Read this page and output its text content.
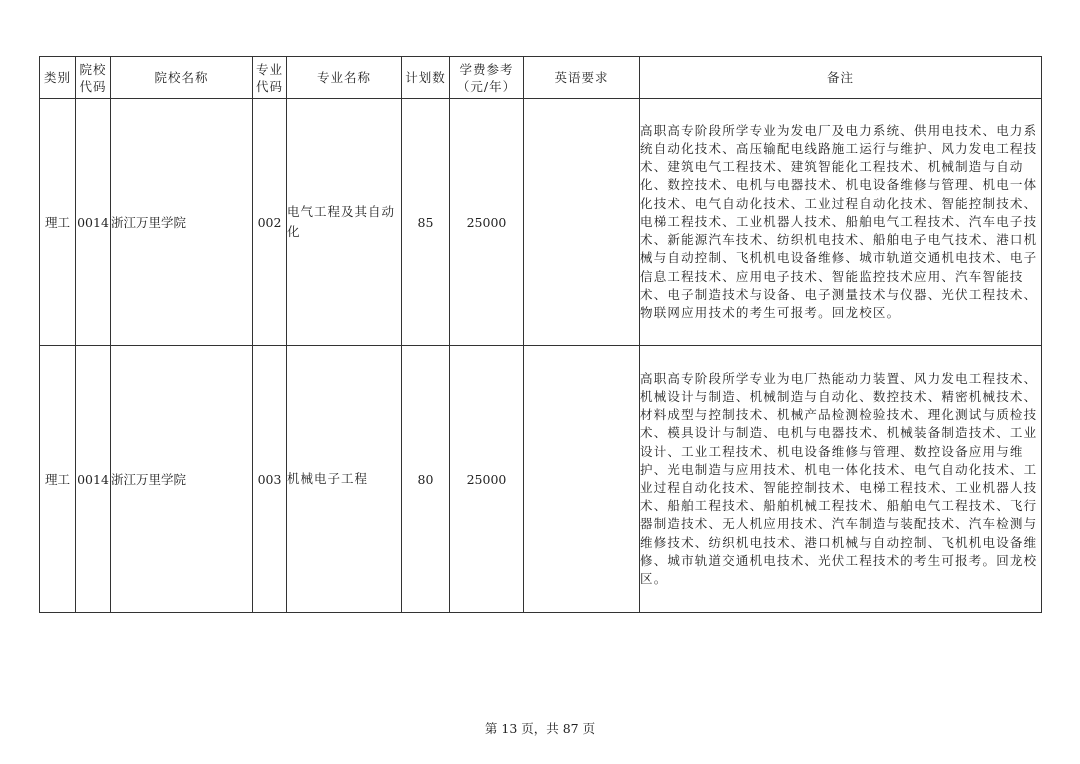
类别	院校代码	院校名称	专业代码	专业名称	计划数	学费参考（元/年）	英语要求	备注
理工	0014	浙江万里学院	002	电气工程及其自动化	85	25000		高职高专阶段所学专业为发电厂及电力系统、供用电技术、电力系统自动化技术、高压输配电线路施工运行与维护、风力发电工程技术、建筑电气工程技术、建筑智能化工程技术、机械制造与自动化、数控技术、电机与电器技术、机电设备维修与管理、机电一体化技术、电气自动化技术、工业过程自动化技术、智能控制技术、电梯工程技术、工业机器人技术、船舶电气工程技术、汽车电子技术、新能源汽车技术、纺织机电技术、船舶电子电气技术、港口机械与自动控制、飞机机电设备维修、城市轨道交通机电技术、电子信息工程技术、应用电子技术、智能监控技术应用、汽车智能技术、电子制造技术与设备、电子测量技术与仪器、光伏工程技术、物联网应用技术的考生可报考。回龙校区。
理工	0014	浙江万里学院	003	机械电子工程	80	25000		高职高专阶段所学专业为电厂热能动力装置、风力发电工程技术、机械设计与制造、机械制造与自动化、数控技术、精密机械技术、材料成型与控制技术、机械产品检测检验技术、理化测试与质检技术、模具设计与制造、电机与电器技术、机械装备制造技术、工业设计、工业工程技术、机电设备维修与管理、数控设备应用与维护、光电制造与应用技术、机电一体化技术、电气自动化技术、工业过程自动化技术、智能控制技术、电梯工程技术、工业机器人技术、船舶工程技术、船舶机械工程技术、船舶电气工程技术、飞行器制造技术、无人机应用技术、汽车制造与装配技术、汽车检测与维修技术、纺织机电技术、港口机械与自动控制、飞机机电设备维修、城市轨道交通机电技术、光伏工程技术的考生可报考。回龙校区。
第 13 页，共 87 页
